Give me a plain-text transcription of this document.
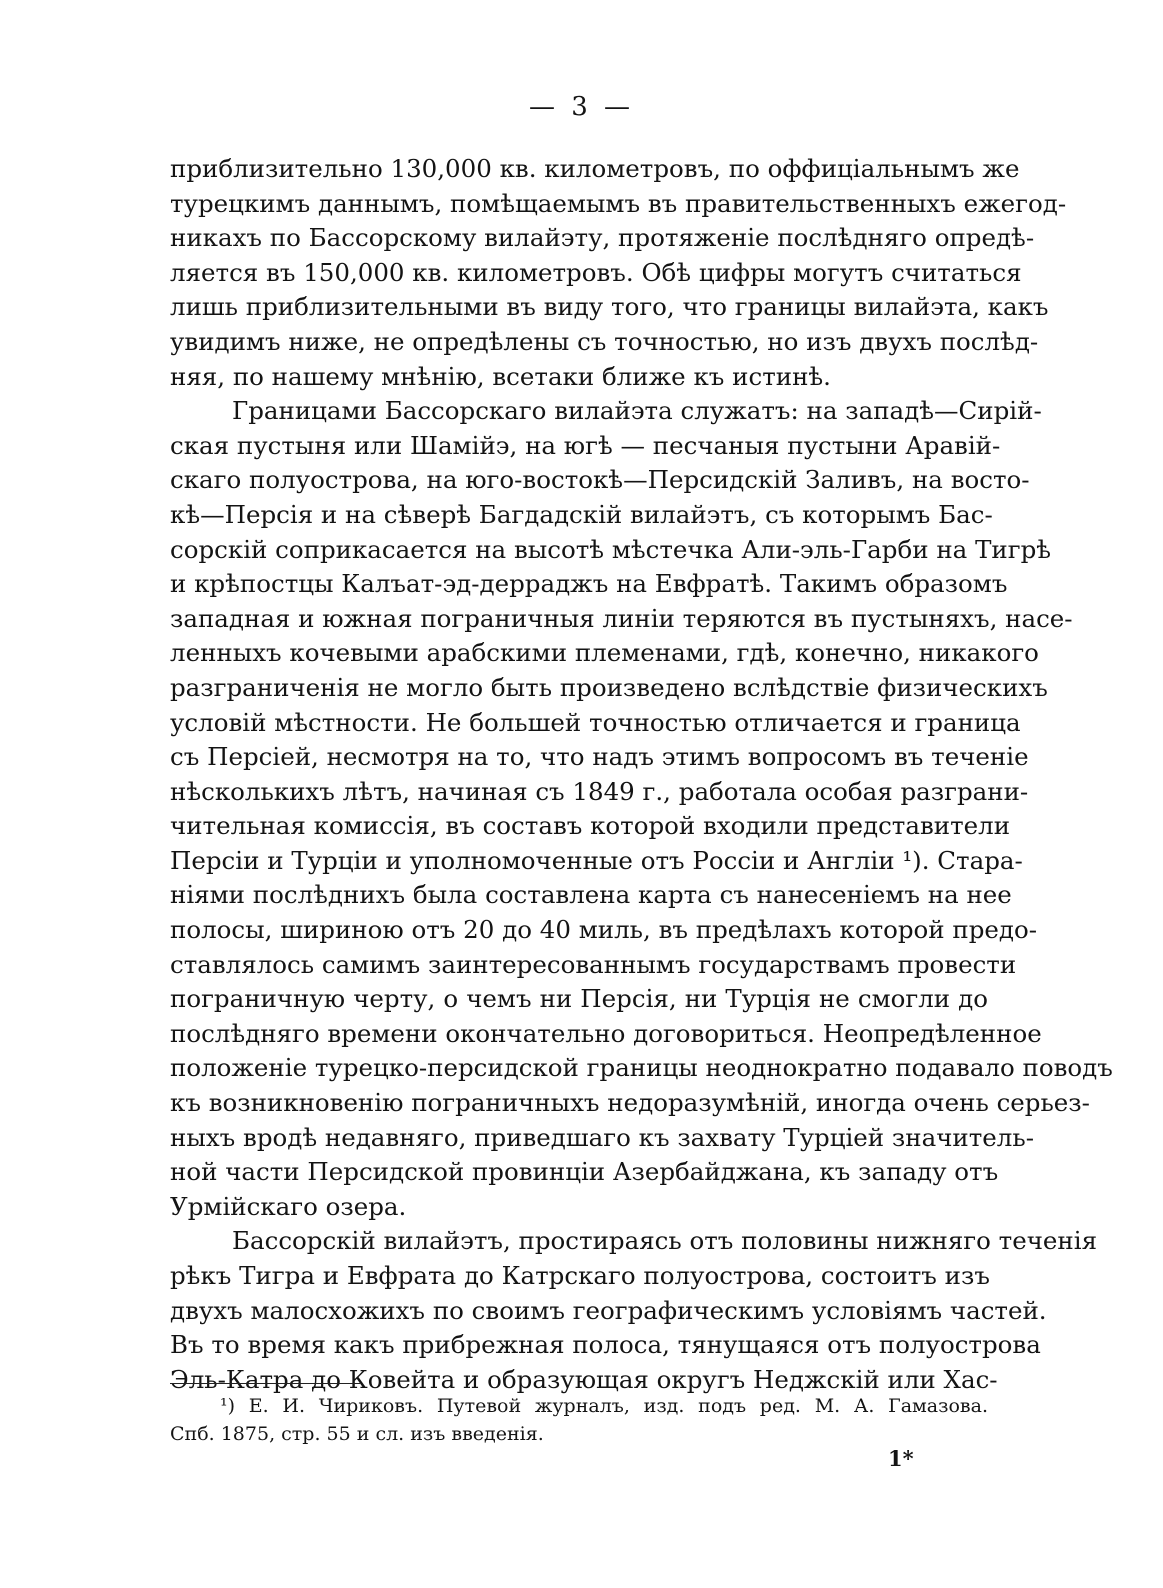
— 3 —
приблизительно 130,000 кв. километровъ, по оффиціальнымъ же
турецкимъ даннымъ, помѣщаемымъ въ правительственныхъ ежегод-
никахъ по Бассорскому вилайэту, протяженіе послѣдняго опредѣ-
ляется въ 150,000 кв. километровъ. Обѣ цифры могутъ считаться
лишь приблизительными въ виду того, что границы вилайэта, какъ
увидимъ ниже, не опредѣлены съ точностью, но изъ двухъ послѣд-
няя, по нашему мнѣнію, всетаки ближе къ истинѣ.
Границами Бассорскаго вилайэта служатъ: на западѣ—Сирій-
ская пустыня или Шамійэ, на югѣ — песчаныя пустыни Аравій-
скаго полуострова, на юго-востокѣ—Персидскій Заливъ, на восто-
кѣ—Персія и на сѣверѣ Багдадскій вилайэтъ, съ которымъ Бас-
сорскій соприкасается на высотѣ мѣстечка Али-эль-Гарби на Тигрѣ
и крѣпостцы Калъат-эд-дерраджъ на Евфратѣ. Такимъ образомъ
западная и южная пограничныя линіи теряются въ пустыняхъ, насе-
ленныхъ кочевыми арабскими племенами, гдѣ, конечно, никакого
разграниченія не могло быть произведено вслѣдствіе физическихъ
условій мѣстности. Не большей точностью отличается и граница
съ Персіей, несмотря на то, что надъ этимъ вопросомъ въ теченіе
нѣсколькихъ лѣтъ, начиная съ 1849 г., работала особая разграни-
чительная комиссія, въ составъ которой входили представители
Персіи и Турціи и уполномоченные отъ Россіи и Англіи ¹). Стара-
ніями послѣднихъ была составлена карта съ нанесеніемъ на нее
полосы, шириною отъ 20 до 40 миль, въ предѣлахъ которой предо-
ставлялось самимъ заинтересованнымъ государствамъ провести
пограничную черту, о чемъ ни Персія, ни Турція не смогли до
послѣдняго времени окончательно договориться. Неопредѣленное
положеніе турецко-персидской границы неоднократно подавало поводъ
къ возникновенію пограничныхъ недоразумѣній, иногда очень серьез-
ныхъ вродѣ недавняго, приведшаго къ захвату Турціей значитель-
ной части Персидской провинціи Азербайджана, къ западу отъ
Урмійскаго озера.
Бассорскій вилайэтъ, простираясь отъ половины нижняго теченія
рѣкъ Тигра и Евфрата до Катрскаго полуострова, состоитъ изъ
двухъ малосхожихъ по своимъ географическимъ условіямъ частей.
Въ то время какъ прибрежная полоса, тянущаяся отъ полуострова
Эль-Катра до Ковейта и образующая округъ Неджскій или Хас-
¹) Е. И. Чириковъ. Путевой журналъ, изд. подъ ред. М. А. Гамазова.
Спб. 1875, стр. 55 и сл. изъ введенія.
1*
